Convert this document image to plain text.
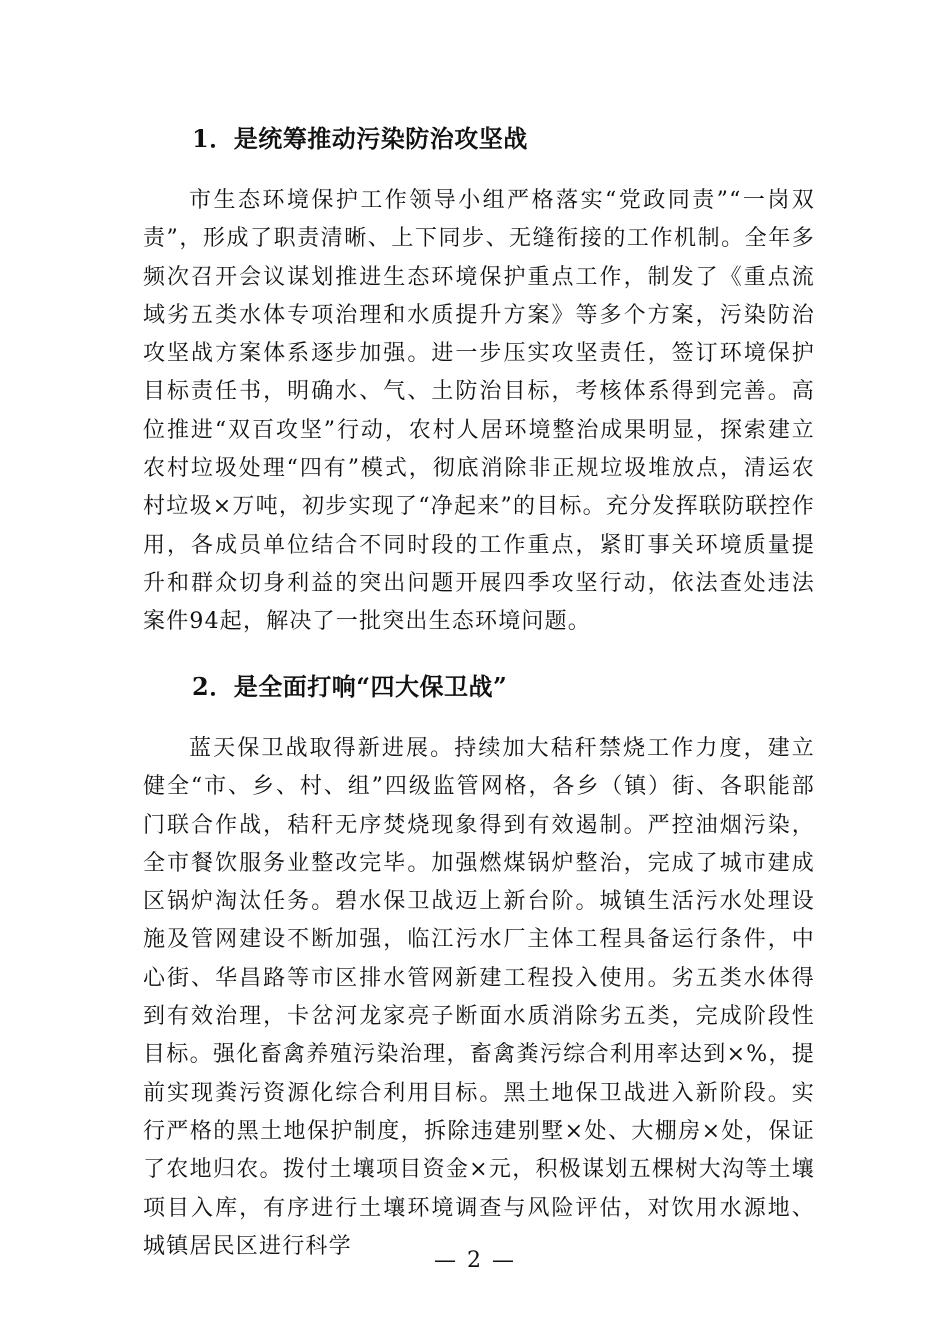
1．是统筹推动污染防治攻坚战

市生态环境保护工作领导小组严格落实“党政同责”“一岗双责”，形成了职责清晰、上下同步、无缝衔接的工作机制。全年多频次召开会议谋划推进生态环境保护重点工作，制发了《重点流域劣五类水体专项治理和水质提升方案》等多个方案，污染防治攻坚战方案体系逐步加强。进一步压实攻坚责任，签订环境保护目标责任书，明确水、气、土防治目标，考核体系得到完善。高位推进“双百攻坚”行动，农村人居环境整治成果明显，探索建立农村垃圾处理“四有”模式，彻底消除非正规垃圾堆放点，清运农村垃圾×万吨，初步实现了“净起来”的目标。充分发挥联防联控作用，各成员单位结合不同时段的工作重点，紧盯事关环境质量提升和群众切身利益的突出问题开展四季攻坚行动，依法查处违法案件94起，解决了一批突出生态环境问题。

2．是全面打响“四大保卫战”

蓝天保卫战取得新进展。持续加大秸秆禁烧工作力度，建立健全“市、乡、村、组”四级监管网格，各乡（镇）街、各职能部门联合作战，秸秆无序焚烧现象得到有效遏制。严控油烟污染，全市餐饮服务业整改完毕。加强燃煤锅炉整治，完成了城市建成区锅炉淘汰任务。碧水保卫战迈上新台阶。城镇生活污水处理设施及管网建设不断加强，临江污水厂主体工程具备运行条件，中心街、华昌路等市区排水管网新建工程投入使用。劣五类水体得到有效治理，卡岔河龙家亮子断面水质消除劣五类，完成阶段性目标。强化畜禽养殖污染治理，畜禽粪污综合利用率达到×%，提前实现粪污资源化综合利用目标。黑土地保卫战进入新阶段。实行严格的黑土地保护制度，拆除违建别墅×处、大棚房×处，保证了农地归农。拨付土壤项目资金×元，积极谋划五棵树大沟等土壤项目入库，有序进行土壤环境调查与风险评估，对饮用水源地、城镇居民区进行科学

— 2 —
